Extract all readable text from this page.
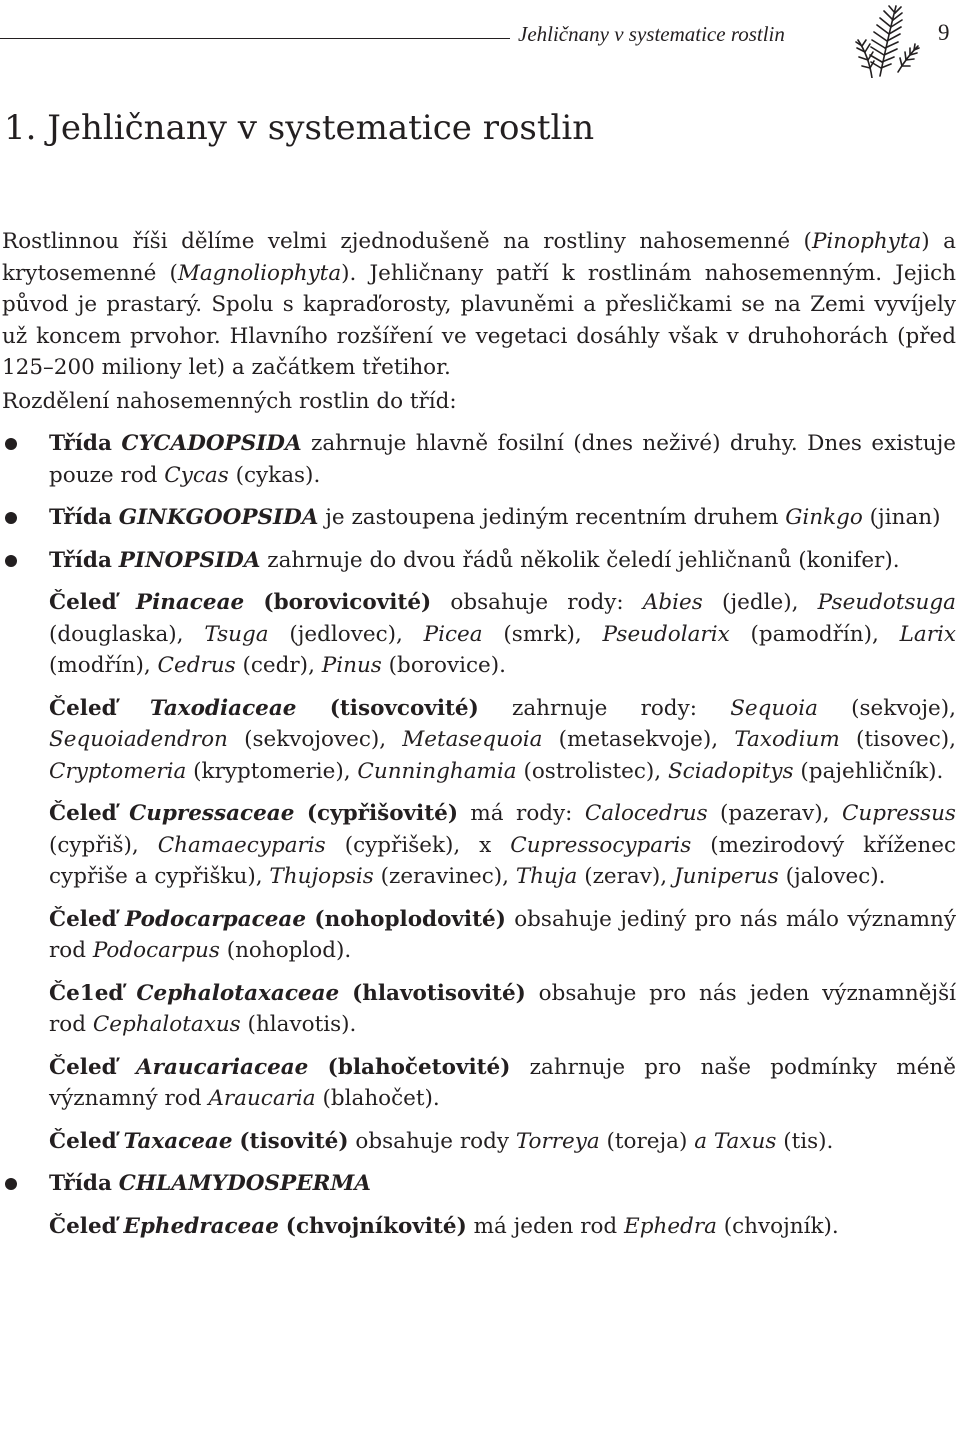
Jehličnany v systematice rostlin	9
1. Jehličnany v systematice rostlin

Rostlinnou říši dělíme velmi zjednodušeně na rostliny nahosemenné (Pinophyta) a krytosemenné (Magnoliophyta). Jehličnany patří k rostlinám nahosemenným. Jejich původ je prastarý. Spolu s kapraďorosty, plavuněmi a přesličkami se na Zemi vyvíjely už koncem prvohor. Hlavního rozšíření ve vegetaci dosáhly však v druhohorách (před 125–200 miliony let) a začátkem třetihor.

Rozdělení nahosemenných rostlin do tříd:

Třída CYCADOPSIDA zahrnuje hlavně fosilní (dnes neživé) druhy. Dnes existuje pouze rod Cycas (cykas).
Třída GINKGOOPSIDA je zastoupena jediným recentním druhem Ginkgo (jinan)
Třída PINOPSIDA zahrnuje do dvou řádů několik čeledí jehličnanů (konifer).
Čeleď Pinaceae (borovicovité) obsahuje rody: Abies (jedle), Pseudotsuga (douglaska), Tsuga (jedlovec), Picea (smrk), Pseudolarix (pamodřín), Larix (modřín), Cedrus (cedr), Pinus (borovice).
Čeleď Taxodiaceae (tisovcovité) zahrnuje rody: Sequoia (sekvoje), Sequoiadendron (sekvojovec), Metasequoia (metasekvoje), Taxodium (tisovec), Cryptomeria (kryptomerie), Cunninghamia (ostrolistec), Sciadopitys (pajehličník).
Čeleď Cupressaceae (cypřišovité) má rody: Calocedrus (pazerav), Cupressus (cypřiš), Chamaecyparis (cypřišek), x Cupressocyparis (mezirodový kříženec cypřiše a cypřišku), Thujopsis (zeravinec), Thuja (zerav), Juniperus (jalovec).
Čeleď Podocarpaceae (nohoplodovité) obsahuje jediný pro nás málo významný rod Podocarpus (nohoplod).
Če1eď Cephalotaxaceae (hlavotisovité) obsahuje pro nás jeden významnější rod Cephalotaxus (hlavotis).
Čeleď Araucariaceae (blahočetovité) zahrnuje pro naše podmínky méně významný rod Araucaria (blahočet).
Čeleď Taxaceae (tisovité) obsahuje rody Torreya (toreja) a Taxus (tis).
Třída CHLAMYDOSPERMA
Čeleď Ephedraceae (chvojníkovité) má jeden rod Ephedra (chvojník).
